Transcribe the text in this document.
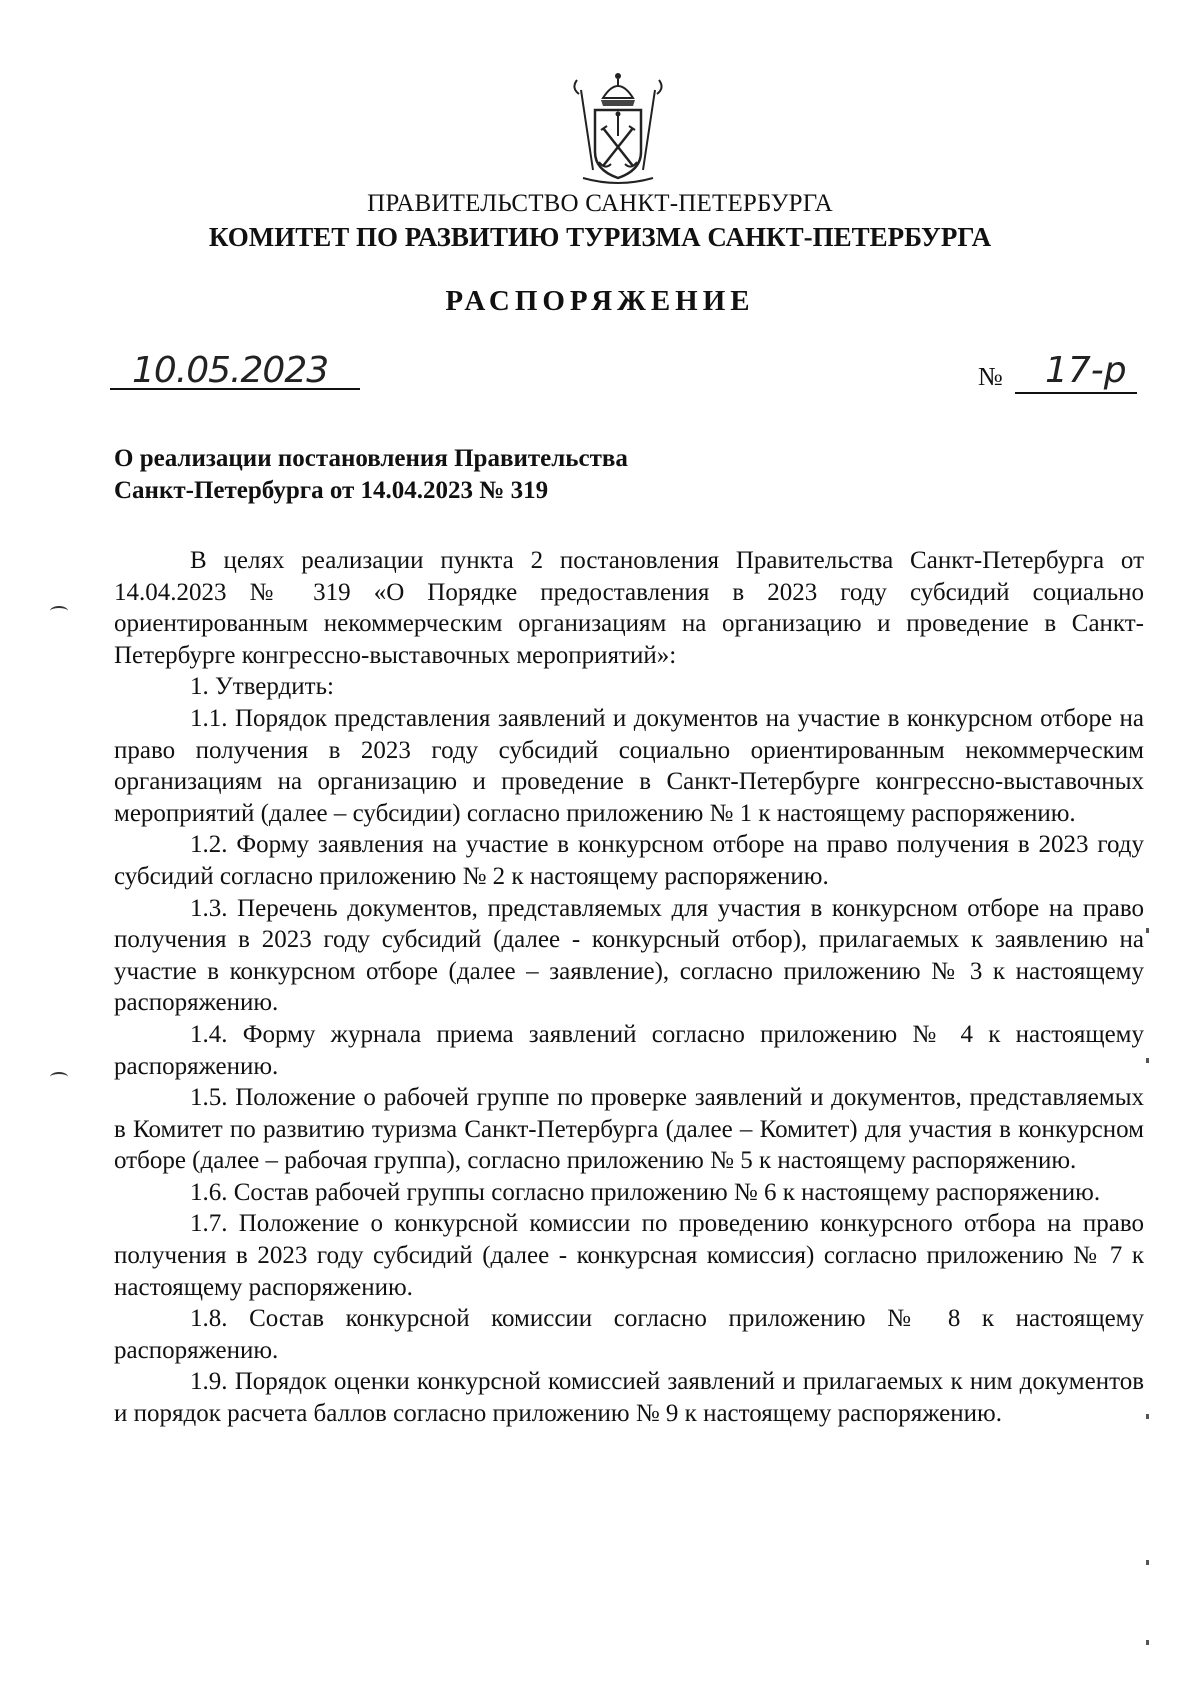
ПРАВИТЕЛЬСТВО САНКТ-ПЕТЕРБУРГА
КОМИТЕТ ПО РАЗВИТИЮ ТУРИЗМА САНКТ-ПЕТЕРБУРГА
РАСПОРЯЖЕНИЕ
10.05.2023	№ 17-р
О реализации постановления Правительства
Санкт-Петербурга от 14.04.2023 № 319

В целях реализации пункта 2 постановления Правительства Санкт-Петербурга от 14.04.2023 № 319 «О Порядке предоставления в 2023 году субсидий социально ориентированным некоммерческим организациям на организацию и проведение в Санкт-Петербурге конгрессно-выставочных мероприятий»:

1. Утвердить:

1.1. Порядок представления заявлений и документов на участие в конкурсном отборе на право получения в 2023 году субсидий социально ориентированным некоммерческим организациям на организацию и проведение в Санкт-Петербурге конгрессно-выставочных мероприятий (далее – субсидии) согласно приложению № 1 к настоящему распоряжению.

1.2. Форму заявления на участие в конкурсном отборе на право получения в 2023 году субсидий согласно приложению № 2 к настоящему распоряжению.

1.3. Перечень документов, представляемых для участия в конкурсном отборе на право получения в 2023 году субсидий (далее - конкурсный отбор), прилагаемых к заявлению на участие в конкурсном отборе (далее – заявление), согласно приложению № 3 к настоящему распоряжению.

1.4. Форму журнала приема заявлений согласно приложению № 4 к настоящему распоряжению.

1.5. Положение о рабочей группе по проверке заявлений и документов, представляемых в Комитет по развитию туризма Санкт-Петербурга (далее – Комитет) для участия в конкурсном отборе (далее – рабочая группа), согласно приложению № 5 к настоящему распоряжению.

1.6. Состав рабочей группы согласно приложению № 6 к настоящему распоряжению.

1.7. Положение о конкурсной комиссии по проведению конкурсного отбора на право получения в 2023 году субсидий (далее - конкурсная комиссия) согласно приложению № 7 к настоящему распоряжению.

1.8. Состав конкурсной комиссии согласно приложению № 8 к настоящему распоряжению.

1.9. Порядок оценки конкурсной комиссией заявлений и прилагаемых к ним документов и порядок расчета баллов согласно приложению № 9 к настоящему распоряжению.
